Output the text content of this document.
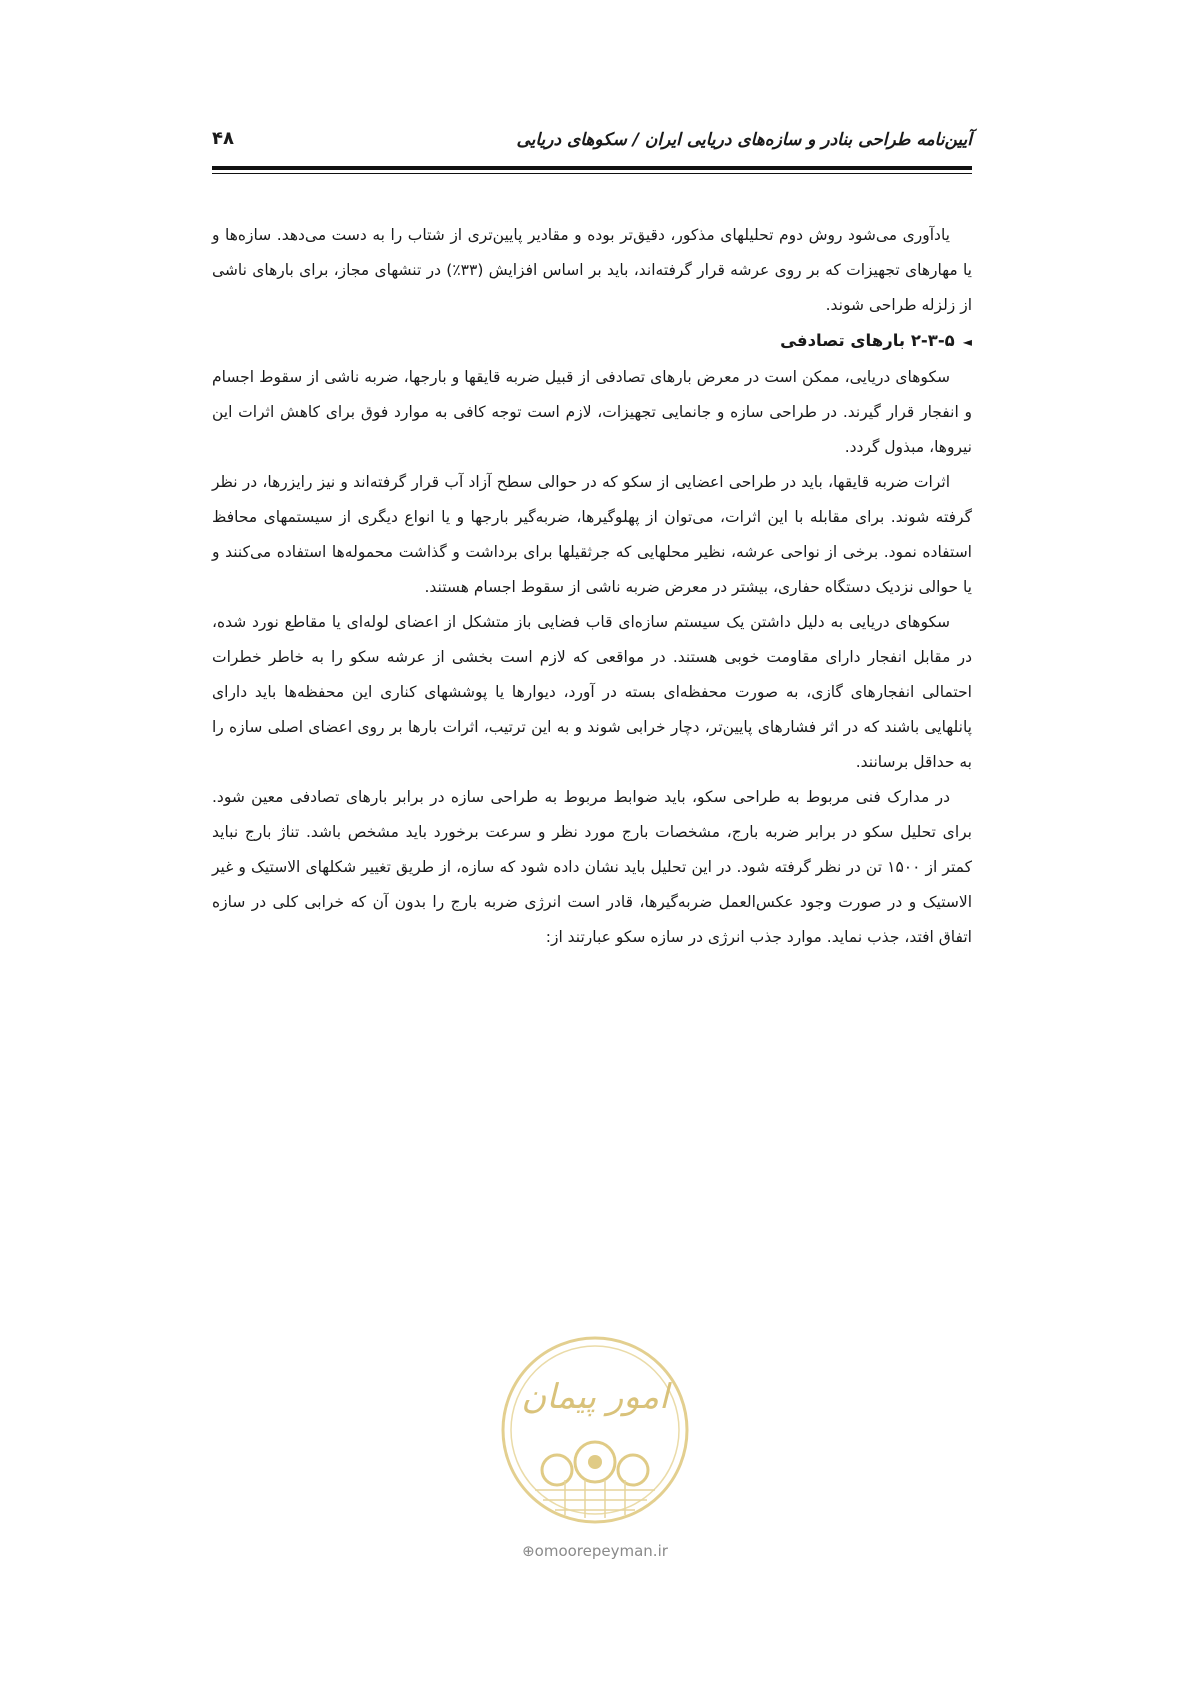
آیین‌نامه طراحی بنادر و سازه‌های دریایی ایران / سکوهای دریایی
۴۸

یادآوری می‌شود روش دوم تحلیلهای مذکور، دقیق‌تر بوده و مقادیر پایین‌تری از شتاب را به دست می‌دهد. سازه‌ها و یا مهارهای تجهیزات که بر روی عرشه قرار گرفته‌اند، باید بر اساس افزایش (۳۳٪) در تنشهای مجاز، برای بارهای ناشی از زلزله طراحی شوند.

◄۲-۳-۵ بارهای تصادفی

سکوهای دریایی، ممکن است در معرض بارهای تصادفی از قبیل ضربه قایقها و بارجها، ضربه ناشی از سقوط اجسام و انفجار قرار گیرند. در طراحی سازه و جانمایی تجهیزات، لازم است توجه کافی به موارد فوق برای کاهش اثرات این نیروها، مبذول گردد.

اثرات ضربه قایقها، باید در طراحی اعضایی از سکو که در حوالی سطح آزاد آب قرار گرفته‌اند و نیز رایزرها، در نظر گرفته شوند. برای مقابله با این اثرات، می‌توان از پهلوگیرها، ضربه‌گیر بارجها و یا انواع دیگری از سیستمهای محافظ استفاده نمود. برخی از نواحی عرشه، نظیر محلهایی که جرثقیلها برای برداشت و گذاشت محموله‌ها استفاده می‌کنند و یا حوالی نزدیک دستگاه حفاری، بیشتر در معرض ضربه ناشی از سقوط اجسام هستند.

سکوهای دریایی به دلیل داشتن یک سیستم سازه‌ای قاب فضایی باز متشکل از اعضای لوله‌ای یا مقاطع نورد شده، در مقابل انفجار دارای مقاومت خوبی هستند. در مواقعی که لازم است بخشی از عرشه سکو را به خاطر خطرات احتمالی انفجارهای گازی، به صورت محفظه‌ای بسته در آورد، دیوارها یا پوششهای کناری این محفظه‌ها باید دارای پانلهایی باشند که در اثر فشارهای پایین‌تر، دچار خرابی شوند و به این ترتیب، اثرات بارها بر روی اعضای اصلی سازه را به حداقل برسانند.

در مدارک فنی مربوط به طراحی سکو، باید ضوابط مربوط به طراحی سازه در برابر بارهای تصادفی معین شود. برای تحلیل سکو در برابر ضربه بارج، مشخصات بارج مورد نظر و سرعت برخورد باید مشخص باشد. تناژ بارج نباید کمتر از ۱۵۰۰ تن در نظر گرفته شود. در این تحلیل باید نشان داده شود که سازه، از طریق تغییر شکلهای الاستیک و غیر الاستیک و در صورت وجود عکس‌العمل ضربه‌گیرها، قادر است انرژی ضربه بارج را بدون آن که خرابی کلی در سازه اتفاق افتد، جذب نماید. موارد جذب انرژی در سازه سکو عبارتند از:

امور پیمان
⊕omoorepeyman.ir
